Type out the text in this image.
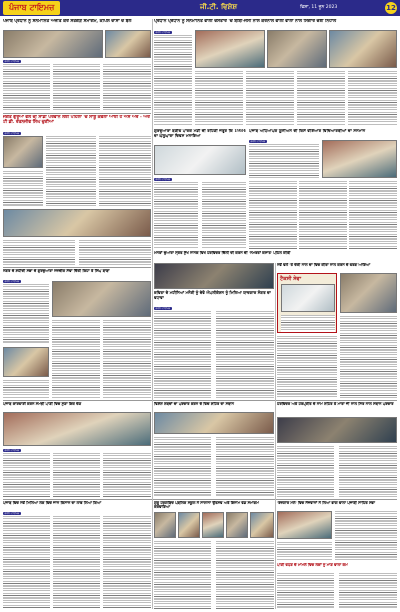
ਪੰਜਾਬ ਟਾਇਮਜ਼	ਜੀ.ਟੀ. ਵਿਸ਼ੇਸ਼	ਵਿਸ਼ਾ, 11 ਜੂਨ 2023	12
ਪੰਜਾਬ ਪ੍ਰਧਾਨ ਨੂੰ ਸਨਮਾਨਿਤ ਅਜੀਤ ਕੌਰ ਸੰਤਗੜ ਸਮਾਗਮ, ਕਪਿਲ ਦਾਸਾਂ ਦੇ ਬੋਲ
ਗਰੀਨ ਟਾਈਮਜ਼
ਪ੍ਰਧਾਨ ਪ੍ਰਧਾਨ ਨੂੰ ਸਨਮਾਨਿਤ ਵਾਲੀ ਦਸਤਾਰ 'ਚ ਬੀਬੀ-ਜੱਸੀ ਨਾਲ ਕਰਨਾਲ ਵਾਲੀ ਵਾਲਾਂ ਨਾਲ ਸਿੰਗਾਰ ਦੇਈ ਨਿਹਾਲ
ਗਰੀਨ ਟਾਈਮਜ਼
ਜਗਤ ਗੁਰੂਆਂ ਵੱਲੋਂ ਦੀ ਸਾਡੀ ਪਰਵਾਨ ਲਈ ਪਹਿਲਾਂ 'ਚ ਸਾਥੂ ਕੇਵਲਾ ਆਈ ਹੈ ਐਸ ਔਰ - ਅਰ ਟੀ ਡੀ. ਰਤਨਜੀਵ ਸਿੰਘ ਚੁਣੀਆ
ਗਰੀਨ ਟਾਈਮਜ਼
ਗੁਰਦੁਆਰਾ ਬਣੀਵ ਪਾਰਕ ਮੰਡੀ ਦੀ ਰਹਿਣੀ ਜਰੂਰ ਕਿ 1984 ਦਾ ਘੱਲੂਘਾਰਾ ਦਿਵਸ ਮਨਾਇਆ
ਗਰੀਨ ਟਾਈਮਜ਼
ਪੰਜਾਬ ਅਧਿਆਪਕ ਯੂਨੀਅਨ ਦੀ ਕਿਸੇ ਵੀਏਆਰ ਵਿਦਿਆਰਥੀਆਂ ਦਾ ਸਨਮਾਨ
ਗਰੀਨ ਟਾਈਮਜ਼
ਮੰਨਤਾਂ ਦੁਆਰਾ ਸ੍ਰੋਤ ਸੁੱਖ ਨਾਨਕ ਵਿਖੇ ਹਰਵਿੰਦਰ ਦਿੱਲੀ ਦੀ ਕਰਨ ਦੀ 'ਨਮਰਤਾਂ ਕਸਾਤ' ਪਹਿਲ ਕੀਤੀ
ਨਗਰ ਦੇ ਸ਼ਹੀਦੀ ਸਭਾ ਦੇ ਗੁਰਦੁਆਰਾ ਨਜ਼ਦੀਕ ਸੇਵਾ ਦਿੱਤੀ ਕਿਹਾ ਤੇ ਸਿੰਘ ਬਾਬਾ
ਗਰੀਨ ਟਾਈਮਜ਼
ਕਵਿਤਾ ਦੇ ਮਹੀਨਿਆਂ ਮਨੋਰੀ ਨੂੰ ਦੇਵੋ ਐਪਲੀਕੇਸ਼ਨ ਨੂੰ ਮਿਲਿਆ ਯਾਦਗਾਰ ਸੰਗਤ ਦਾ ਵਧਾਵਾ
ਗਰੀਨ ਟਾਈਮਜ਼
ਨਵੇਂ ਵਲੋਂ 'ਤੇ ਦੇਰੀ ਨਾਲ ਦਾ ਵਿਚ ਕੀਤਾ ਨਾਲ ਕਰਨ ਦੇ ਵਰਗ ਆਇਆ
ਟੈਕਸੀ ਸੇਵਾ
ਪੰਜਾਬ ਕਾਰਵਾਈ ਕਰਨ ਸਮਝੀ ਪਾਣੀ ਵਿਚ ਸੁਣਾ ਇਕ ਦੇਣ
ਗਰੀਨ ਟਾਈਮਜ਼
ਵਿਸ਼ੇਸ਼ ਸ਼ਬਦਾਂ ਦਾ ਪਰਚਾਰ ਕਰਨ ਦੇ ਵਿਚ ਸ਼ਹਿਰ ਦਾ ਸਥਾਨ	ਹਰਵਿੰਦਰ ਅਤੇ ਹਰਪ੍ਰੀਤ ਦੇ ਨਾਮ ਸ਼ਹਿਰ ਤੇ ਮਾਤਾ ਜੀ ਨਾਲ ਸਿਰ ਨਾਲ ਸਥਾਨ ਪਰਚਾਰ
ਪੰਜਾਬ ਵਿਚ ਨਵੇਂ ਮਿਲਿਆ ਲੋਕ ਵਿਚ ਜਾਨ ਕਿਸਾਨ ਦਾ ਲਾਭ ਲਿਆ ਗਿਆ
ਗਰੀਨ ਟਾਈਮਜ਼
ਗੁਰੂ ਹਰਗੋਬਿੰਦ ਪਬਲਿਕ ਸਕੂਲ ਨੇ ਸਾਲਾਨਾ ਉਤਸਵ ਅਤੇ ਇਨਾਮ ਵੰਡ ਸਮਾਗਮ ਕਰਵਾਇਆ
'ਰੋਜ਼ਗਾਰ ਮੇਲੇ' ਵਿਚ ਨੌਜਵਾਨਾਂ ਨੇ ਲਿਆ ਭਾਗ ਵਾਲਾ ਪੰਜਾਬੀ ਸਾਹਿਤ ਸਭਾ
ਪਾਣੀ ਵਧਣ ਦੇ ਮਾਮਲੇ ਵਿਚ ਲੋਕਾਂ ਨੂੰ ਮਾਣ ਵਾਲਾ ਕੰਮ
